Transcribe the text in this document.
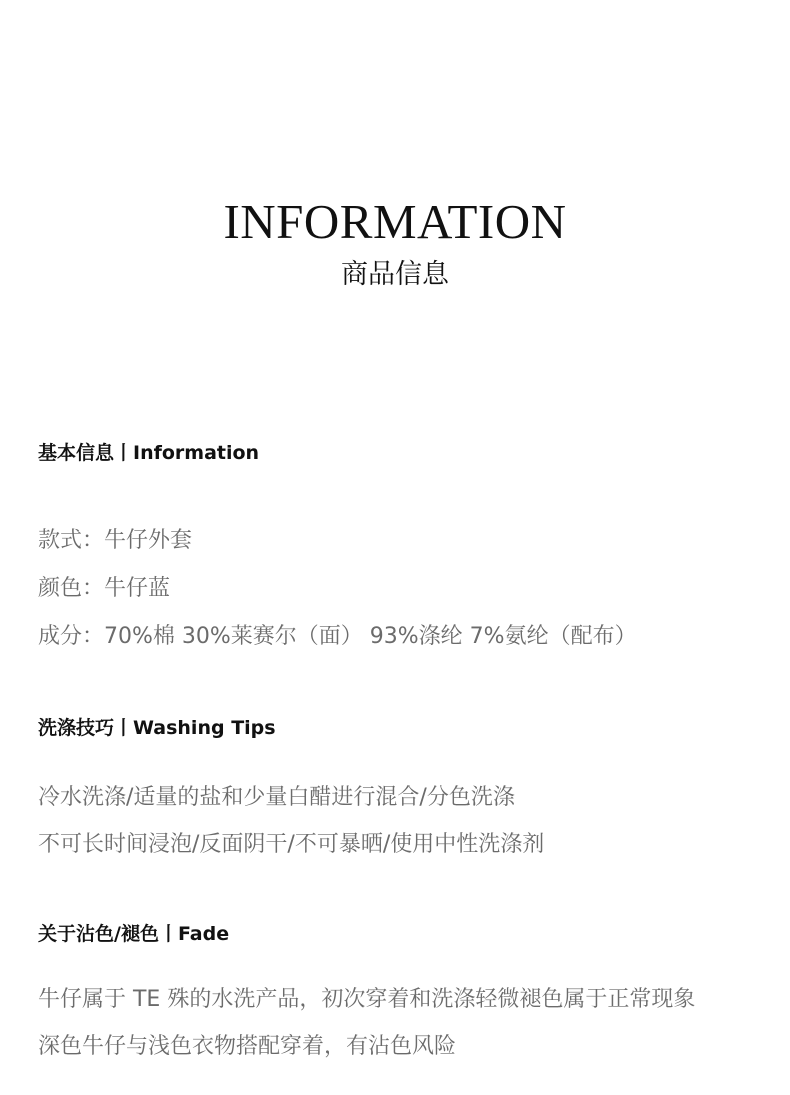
INFORMATION
商品信息
基本信息丨Information
款式：牛仔外套
颜色：牛仔蓝
成分：70%棉 30%莱赛尔（面） 93%涤纶 7%氨纶（配布）
洗涤技巧丨Washing Tips
冷水洗涤/适量的盐和少量白醋进行混合/分色洗涤
不可长时间浸泡/反面阴干/不可暴晒/使用中性洗涤剂
关于沾色/褪色丨Fade
牛仔属于 TE 殊的水洗产品，初次穿着和洗涤轻微褪色属于正常现象
深色牛仔与浅色衣物搭配穿着，有沾色风险
